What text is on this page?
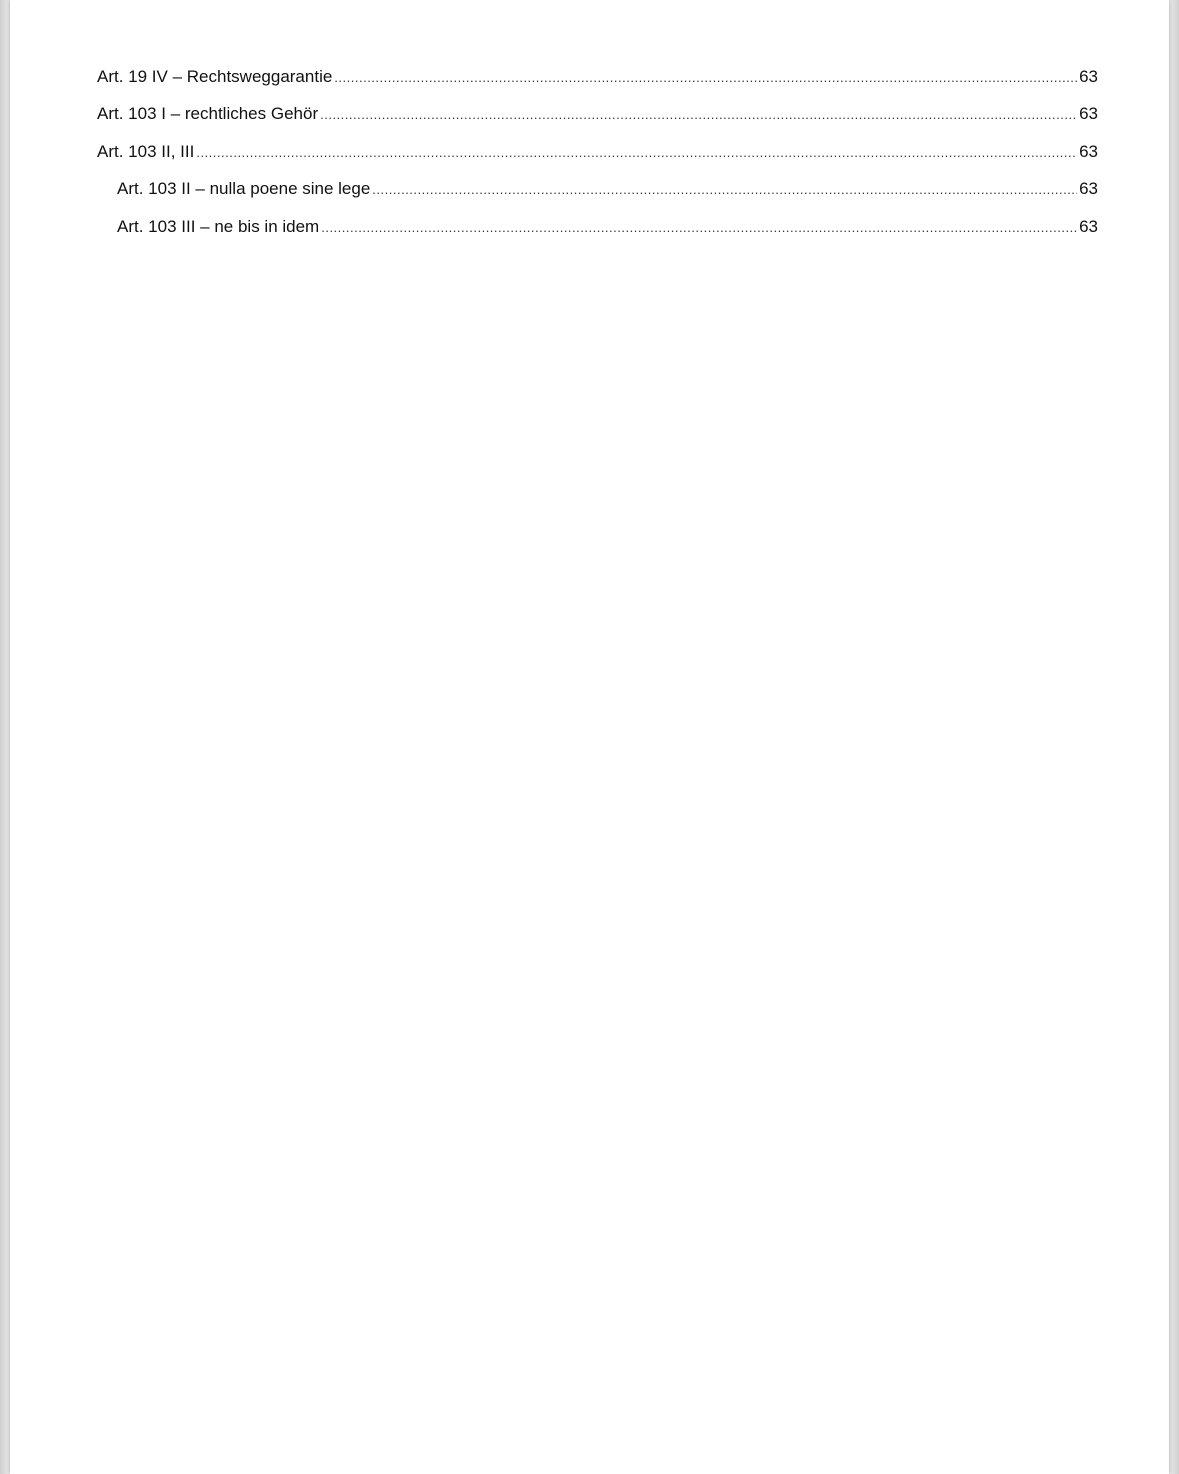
Art. 19 IV – Rechtsweggarantie .....	63
Art. 103 I – rechtliches Gehör .....	63
Art. 103 II, III .....	63
Art. 103 II – nulla poene sine lege .....	63
Art. 103 III – ne bis in idem .....	63
